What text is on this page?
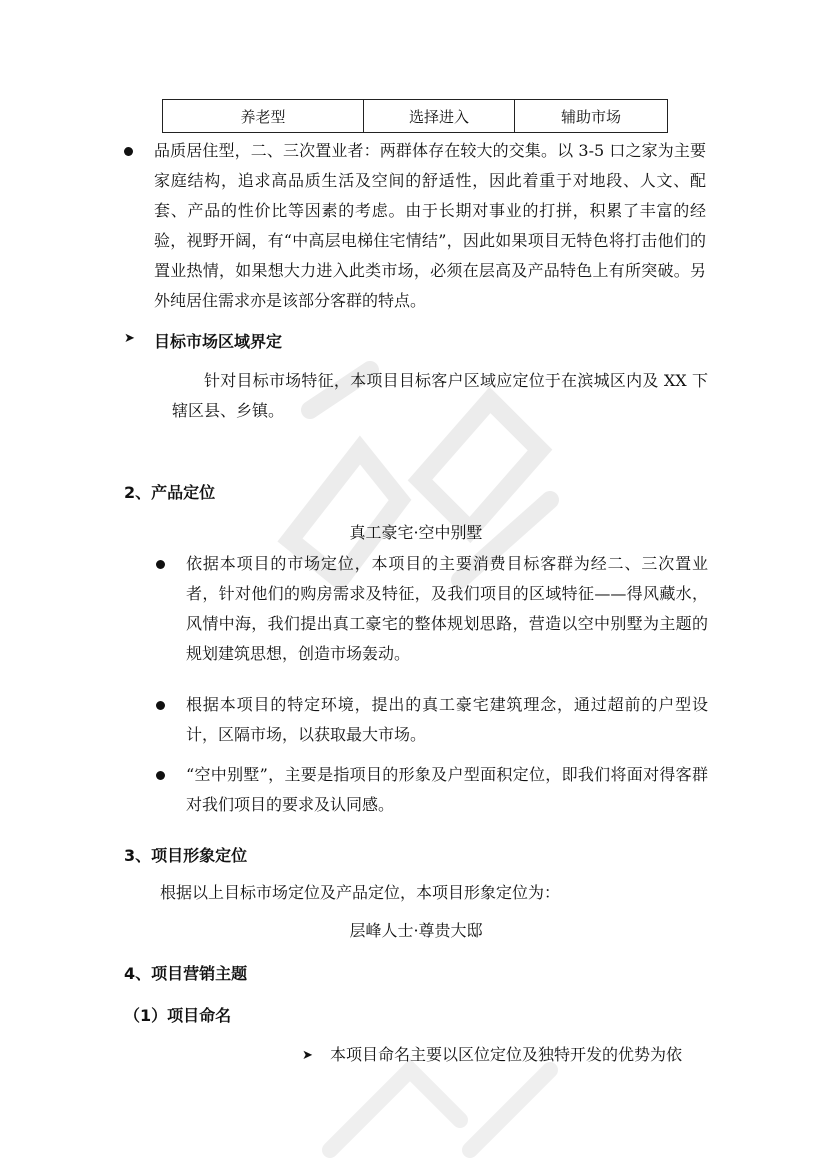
养老型	选择进入	辅助市场
品质居住型，二、三次置业者：两群体存在较大的交集。以 3-5 口之家为主要家庭结构，追求高品质生活及空间的舒适性，因此着重于对地段、人文、配套、产品的性价比等因素的考虑。由于长期对事业的打拼，积累了丰富的经验，视野开阔，有“中高层电梯住宅情结”，因此如果项目无特色将打击他们的置业热情，如果想大力进入此类市场，必须在层高及产品特色上有所突破。另外纯居住需求亦是该部分客群的特点。
➤ 目标市场区域界定
针对目标市场特征，本项目目标客户区域应定位于在滨城区内及 XX 下辖区县、乡镇。
2、产品定位
真工豪宅·空中别墅
依据本项目的市场定位，本项目的主要消费目标客群为经二、三次置业者，针对他们的购房需求及特征，及我们项目的区域特征——得风藏水，风情中海，我们提出真工豪宅的整体规划思路，营造以空中别墅为主题的规划建筑思想，创造市场轰动。
根据本项目的特定环境，提出的真工豪宅建筑理念，通过超前的户型设计，区隔市场，以获取最大市场。
“空中别墅”，主要是指项目的形象及户型面积定位，即我们将面对得客群对我们项目的要求及认同感。
3、项目形象定位
根据以上目标市场定位及产品定位，本项目形象定位为：
层峰人士·尊贵大邸
4、项目营销主题
（1）项目命名
➤ 本项目命名主要以区位定位及独特开发的优势为依
